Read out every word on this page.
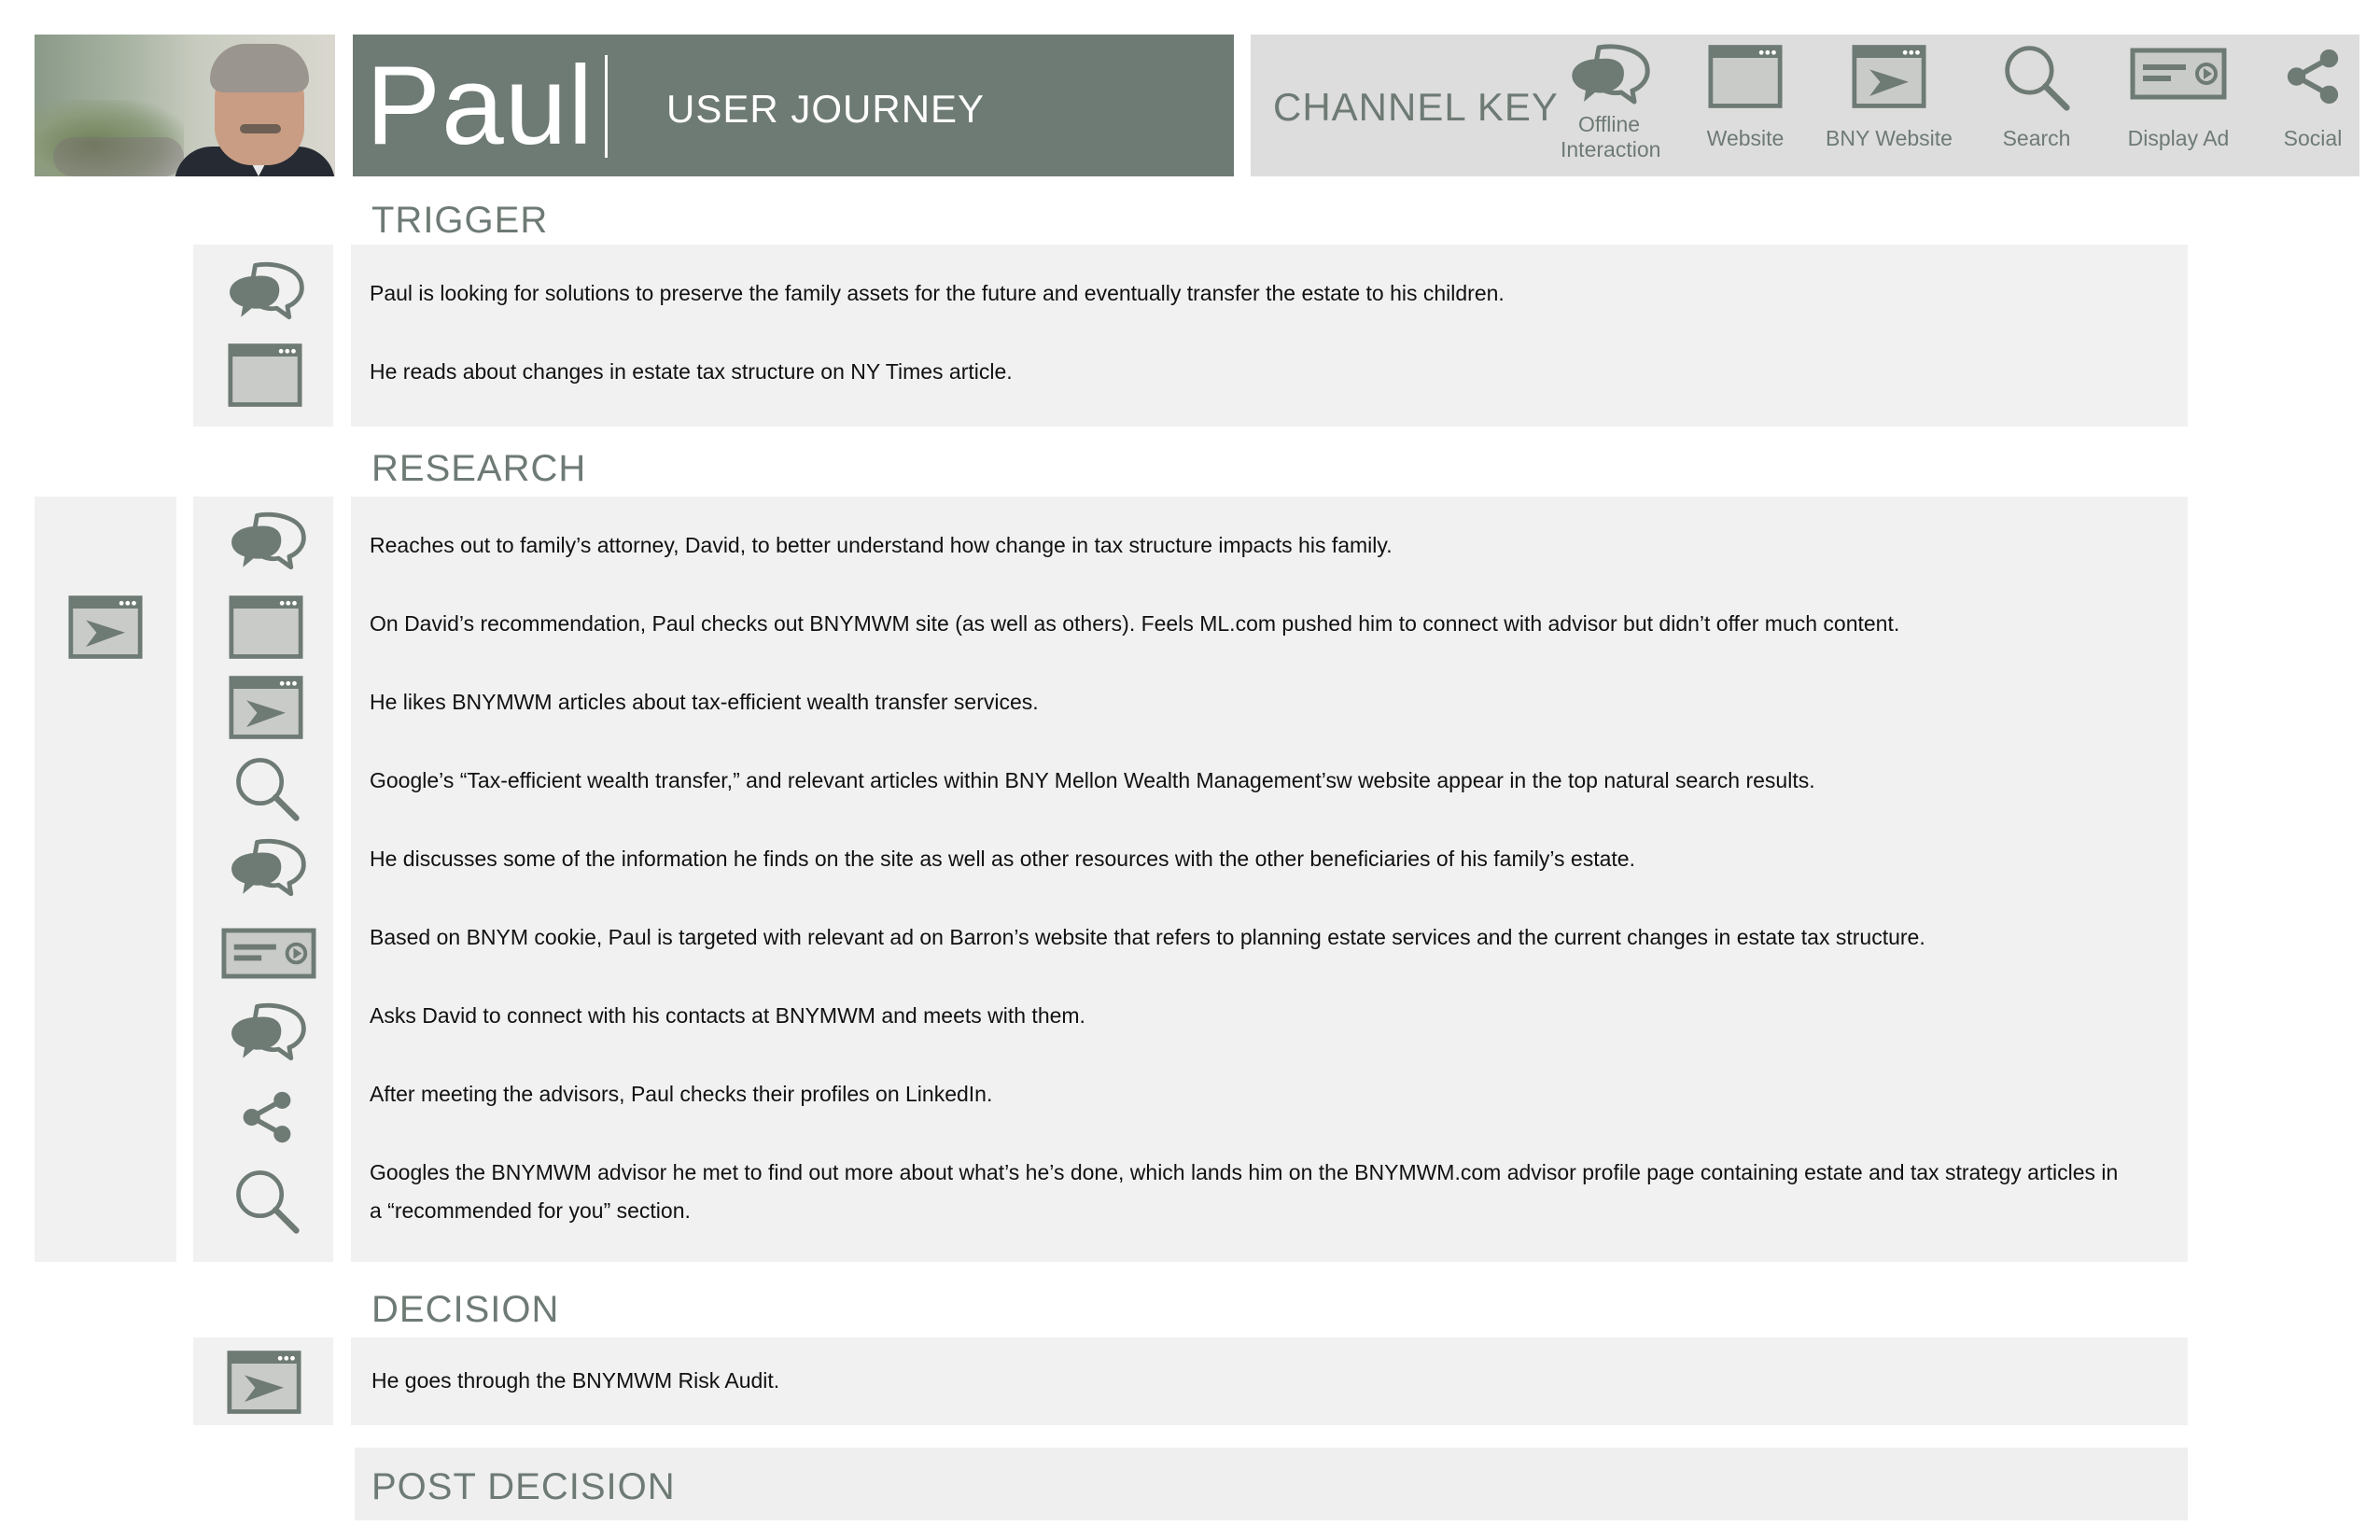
Paul USER JOURNEY	CHANNEL KEY Offline
Interaction	Website	BNY Website	Search	Display Ad	Social
TRIGGER
Paul is looking for solutions to preserve the family assets for the future and eventually transfer the estate to his children.
He reads about changes in estate tax structure on NY Times article.
RESEARCH
Reaches out to family’s attorney, David, to better understand how change in tax structure impacts his family.
On David’s recommendation, Paul checks out BNYMWM site (as well as others). Feels ML.com pushed him to connect with advisor but didn’t offer much content.
He likes BNYMWM articles about tax-efficient wealth transfer services.
Google’s “Tax-efficient wealth transfer,” and relevant articles within BNY Mellon Wealth Management’sw website appear in the top natural search results.
He discusses some of the information he finds on the site as well as other resources with the other beneficiaries of his family’s estate.
Based on BNYM cookie, Paul is targeted with relevant ad on Barron’s website that refers to planning estate services and the current changes in estate tax structure.
Asks David to connect with his contacts at BNYMWM and meets with them.
After meeting the advisors, Paul checks their profiles on LinkedIn.
Googles the BNYMWM advisor he met to find out more about what’s he’s done, which lands him on the BNYMWM.com advisor profile page containing estate and tax strategy articles in
a “recommended for you” section.
DECISION
He goes through the BNYMWM Risk Audit.
POST DECISION
